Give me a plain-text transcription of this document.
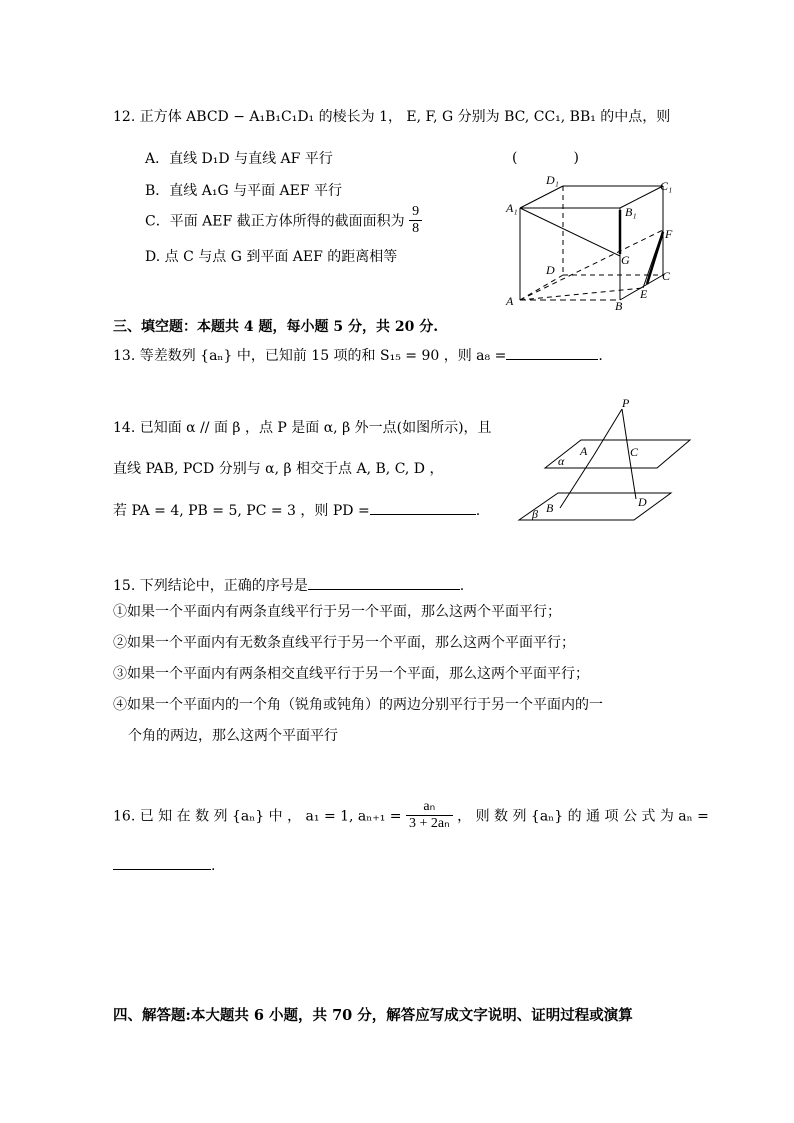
12. 正方体 ABCD − A₁B₁C₁D₁ 的棱长为 1， E, F, G 分别为 BC, CC₁, BB₁ 的中点，则
(　　　　)
A．直线 D₁D 与直线 AF 平行
B．直线 A₁G 与平面 AEF 平行
C．平面 AEF 截正方体所得的截面面积为 $\frac{9}{8}$
D. 点 C 与点 G 到平面 AEF 的距离相等
D₁	C₁
A₁	B₁
F
G
D	C
A	B
E
三、填空题：本题共 4 题，每小题 5 分，共 20 分.
13. 等差数列 {aₙ} 中，已知前 15 项的和 S₁₅ = 90 ，则 a₈ =	.
14. 已知面 α // 面 β ，点 P 是面 α, β 外一点(如图所示)，且
直线 PAB, PCD 分别与 α, β 相交于点 A, B, C, D ，
若 PA = 4, PB = 5, PC = 3 ，则 PD =	.
P
α
A	C
β B	D
15. 下列结论中，正确的序号是	.
①如果一个平面内有两条直线平行于另一个平面，那么这两个平面平行；
②如果一个平面内有无数条直线平行于另一个平面，那么这两个平面平行；
③如果一个平面内有两条相交直线平行于另一个平面，那么这两个平面平行；
④如果一个平面内的一个角（锐角或钝角）的两边分别平行于另一个平面内的一
个角的两边，那么这两个平面平行
16. 已 知 在 数 列 {aₙ} 中 ， a₁ = 1, $a_{n+1} = \frac{\text{aₙ}}{\text{3 + 2aₙ}}$ ， 则 数 列 {aₙ} 的 通 项 公 式 为 aₙ =
.
四、解答题:本大题共 6 小题，共 70 分，解答应写成文字说明、证明过程或演算
